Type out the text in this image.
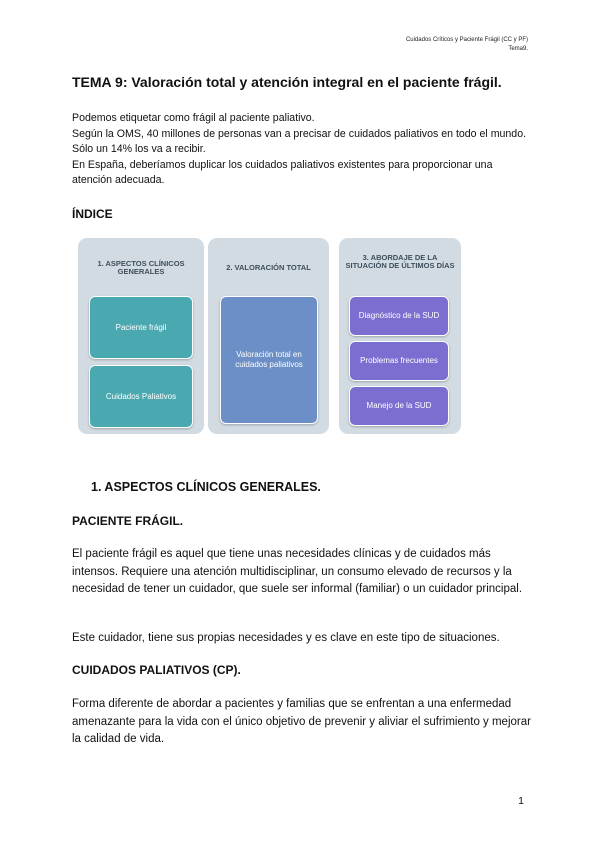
Cuidados Críticos y Paciente Frágil (CC y PF)
Tema9.
TEMA 9: Valoración total y atención integral en el paciente frágil.

Podemos etiquetar como frágil al paciente paliativo.

Según la OMS, 40 millones de personas van a precisar de cuidados paliativos en todo el mundo. Sólo un 14% los va a recibir.

En España, deberíamos duplicar los cuidados paliativos existentes para proporcionar una atención adecuada.

ÍNDICE
1. ASPECTOS CLÍNICOS GENERALES
Paciente frágil
Cuidados Paliativos
2. VALORACIÓN TOTAL
Valoración total en cuidados paliativos
3. ABORDAJE DE LA SITUACIÓN DE ÚLTIMOS DÍAS
Diagnóstico de la SUD
Problemas frecuentes
Manejo de la SUD
1. ASPECTOS CLÍNICOS GENERALES.
PACIENTE FRÁGIL.

El paciente frágil es aquel que tiene unas necesidades clínicas y de cuidados más intensos. Requiere una atención multidisciplinar, un consumo elevado de recursos y la necesidad de tener un cuidador, que suele ser informal (familiar) o un cuidador principal.

Este cuidador, tiene sus propias necesidades y es clave en este tipo de situaciones.

CUIDADOS PALIATIVOS (CP).

Forma diferente de abordar a pacientes y familias que se enfrentan a una enfermedad amenazante para la vida con el único objetivo de prevenir y aliviar el sufrimiento y mejorar la calidad de vida.

1
